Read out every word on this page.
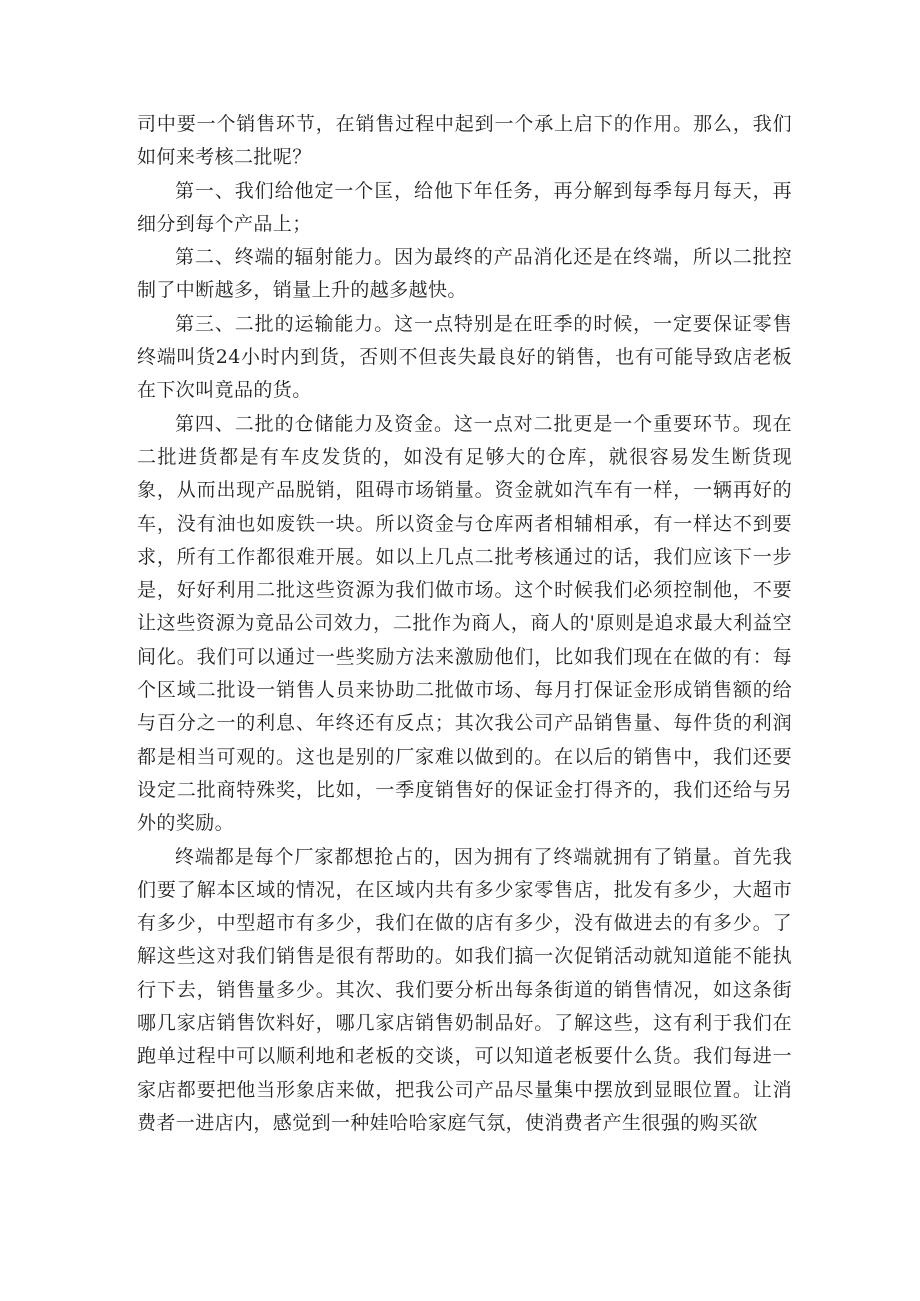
司中要一个销售环节，在销售过程中起到一个承上启下的作用。那么，我们如何来考核二批呢？

第一、我们给他定一个匡，给他下年任务，再分解到每季每月每天，再细分到每个产品上；

第二、终端的辐射能力。因为最终的产品消化还是在终端，所以二批控制了中断越多，销量上升的越多越快。

第三、二批的运输能力。这一点特别是在旺季的时候，一定要保证零售终端叫货24小时内到货，否则不但丧失最良好的销售，也有可能导致店老板在下次叫竟品的货。

第四、二批的仓储能力及资金。这一点对二批更是一个重要环节。现在二批进货都是有车皮发货的，如没有足够大的仓库，就很容易发生断货现象，从而出现产品脱销，阻碍市场销量。资金就如汽车有一样，一辆再好的车，没有油也如废铁一块。所以资金与仓库两者相辅相承，有一样达不到要求，所有工作都很难开展。如以上几点二批考核通过的话，我们应该下一步是，好好利用二批这些资源为我们做市场。这个时候我们必须控制他，不要让这些资源为竟品公司效力，二批作为商人，商人的'原则是追求最大利益空间化。我们可以通过一些奖励方法来激励他们，比如我们现在在做的有：每个区域二批设一销售人员来协助二批做市场、每月打保证金形成销售额的给与百分之一的利息、年终还有反点；其次我公司产品销售量、每件货的利润都是相当可观的。这也是别的厂家难以做到的。在以后的销售中，我们还要设定二批商特殊奖，比如，一季度销售好的保证金打得齐的，我们还给与另外的奖励。

终端都是每个厂家都想抢占的，因为拥有了终端就拥有了销量。首先我们要了解本区域的情况，在区域内共有多少家零售店，批发有多少，大超市有多少，中型超市有多少，我们在做的店有多少，没有做进去的有多少。了解这些这对我们销售是很有帮助的。如我们搞一次促销活动就知道能不能执行下去，销售量多少。其次、我们要分析出每条街道的销售情况，如这条街哪几家店销售饮料好，哪几家店销售奶制品好。了解这些，这有利于我们在跑单过程中可以顺利地和老板的交谈，可以知道老板要什么货。我们每进一家店都要把他当形象店来做，把我公司产品尽量集中摆放到显眼位置。让消费者一进店内，感觉到一种娃哈哈家庭气氛，使消费者产生很强的购买欲
